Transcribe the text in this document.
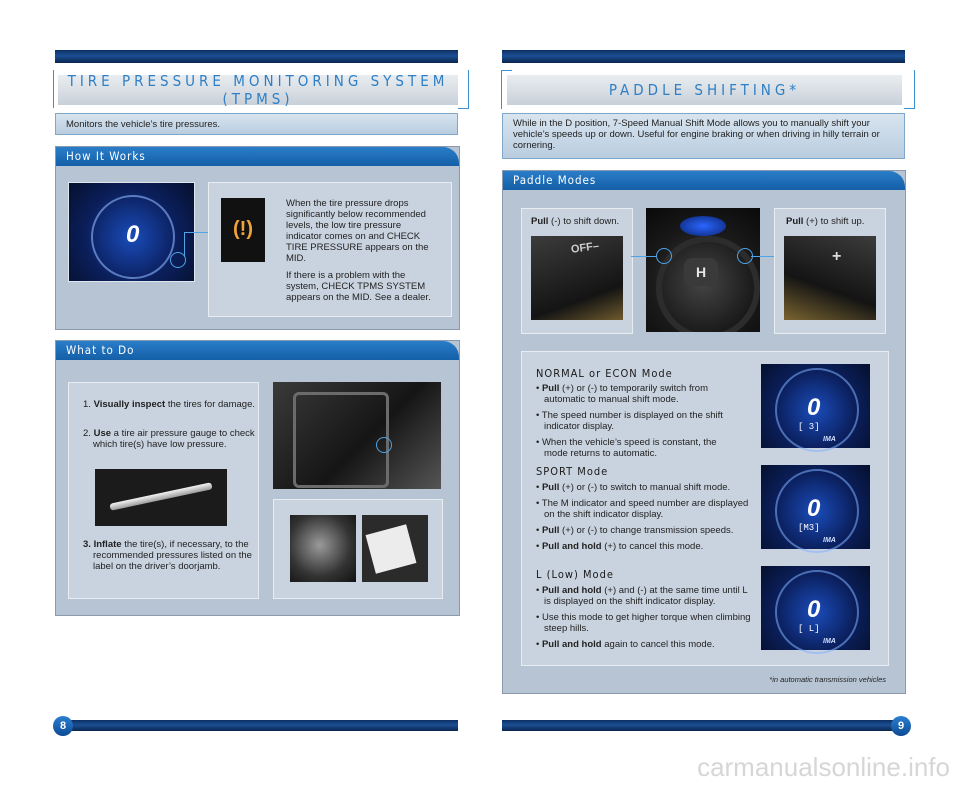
TIRE PRESSURE MONITORING SYSTEM (TPMS)
Monitors the vehicle’s tire pressures.
How It Works
0	(!)
When the tire pressure drops significantly below recommended levels, the low tire pressure indicator comes on and CHECK TIRE PRESSURE appears on the MID.
If there is a problem with the system, CHECK TPMS SYSTEM appears on the MID. See a dealer.
What to Do
1. Visually inspect the tires for damage.
2. Use a tire air pressure gauge to check which tire(s) have low pressure.
3. Inflate the tire(s), if necessary, to the recommended pressures listed on the label on the driver’s doorjamb.
8
PADDLE SHIFTING*
While in the D position, 7-Speed Manual Shift Mode allows you to manually shift your vehicle’s speeds up or down. Useful for engine braking or when driving in hilly terrain or cornering.
Paddle Modes
Pull (-) to shift down.
OFF–
H
Pull (+) to shift up.
+
NORMAL or ECON Mode
• Pull (+) or (-) to temporarily switch from automatic to manual shift mode.
• The speed number is displayed on the shift indicator display.
• When the vehicle’s speed is constant, the mode returns to automatic.
SPORT Mode
• Pull (+) or (-) to switch to manual shift mode.
• The M indicator and speed number are displayed on the shift indicator display.
• Pull (+) or (-) to change transmission speeds.
• Pull and hold (+) to cancel this mode.
L (Low) Mode
• Pull and hold (+) and (-) at the same time until L is displayed on the shift indicator display.
• Use this mode to get higher torque when climbing steep hills.
• Pull and hold again to cancel this mode.
0
[ 3]
IMA
0
[M3]
IMA
0
[ L]
IMA
*in automatic transmission vehicles
9
carmanualsonline.info
